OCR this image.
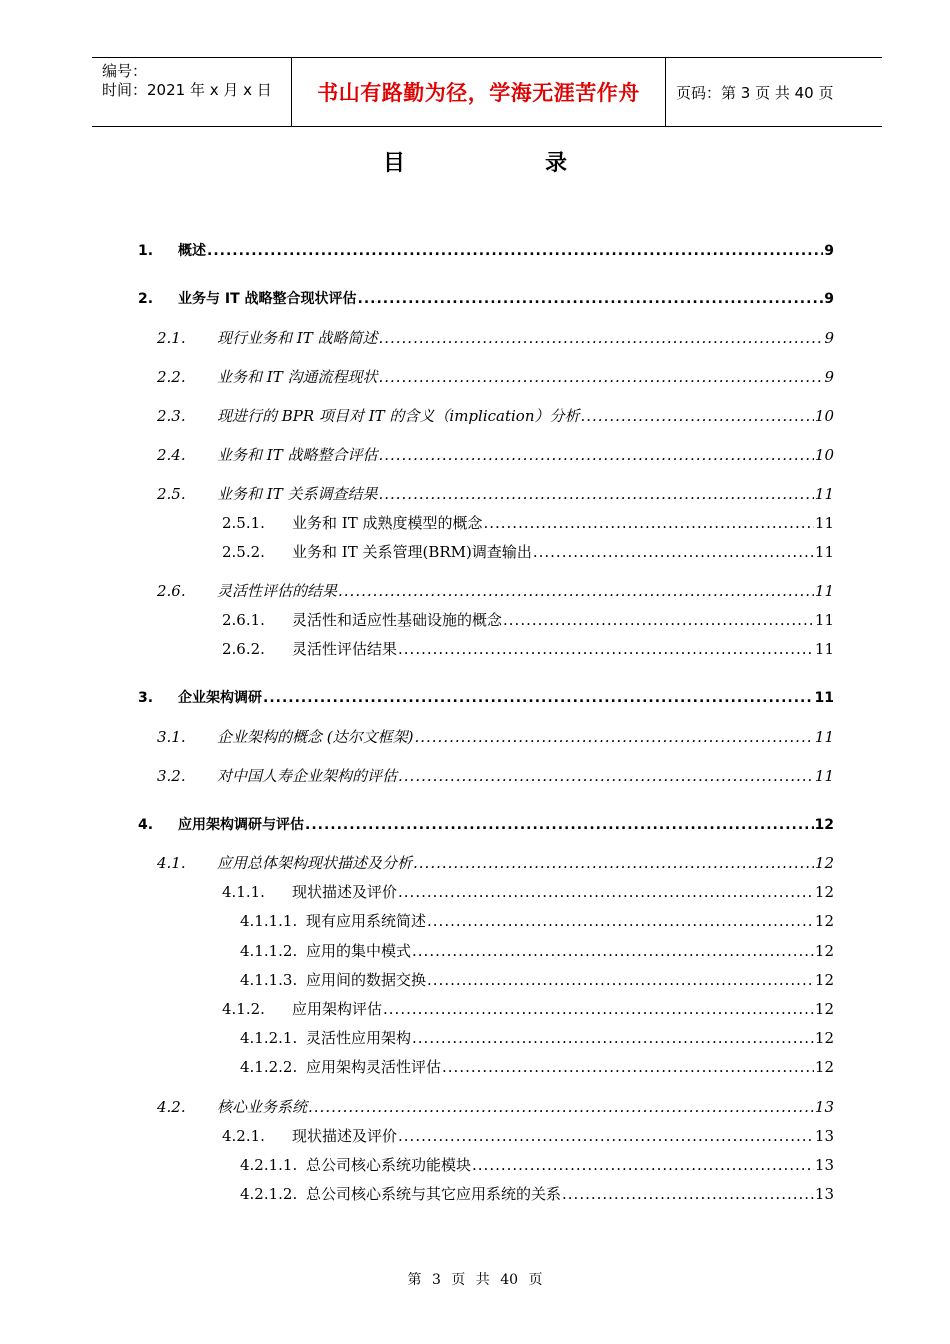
编号：
时间：2021 年 x 月 x 日	书山有路勤为径，学海无涯苦作舟	页码：第 3 页 共 40 页
目录
1.	概述 .....	9
2.	业务与 IT 战略整合现状评估 .....	9
2.1.	现行业务和 IT 战略简述 .....	9
2.2.	业务和 IT 沟通流程现状 .....	9
2.3.	现进行的 BPR 项目对 IT 的含义（implication）分析 .....	10
2.4.	业务和 IT 战略整合评估 .....	10
2.5.	业务和 IT 关系调查结果 .....	11
2.5.1.	业务和 IT 成熟度模型的概念 .....	11
2.5.2.	业务和 IT 关系管理(BRM)调查输出 .....	11
2.6.	灵活性评估的结果 .....	11
2.6.1.	灵活性和适应性基础设施的概念 .....	11
2.6.2.	灵活性评估结果 .....	11
3.	企业架构调研 .....	11
3.1.	企业架构的概念 (达尔文框架) .....	11
3.2.	对中国人寿企业架构的评估 .....	11
4.	应用架构调研与评估 .....	12
4.1.	应用总体架构现状描述及分析 .....	12
4.1.1.	现状描述及评价 .....	12
4.1.1.1. 现有应用系统简述 .....	12
4.1.1.2. 应用的集中模式 .....	12
4.1.1.3. 应用间的数据交换 .....	12
4.1.2.	应用架构评估 .....	12
4.1.2.1. 灵活性应用架构 .....	12
4.1.2.2. 应用架构灵活性评估 .....	12
4.2.	核心业务系统 .....	13
4.2.1.	现状描述及评价 .....	13
4.2.1.1. 总公司核心系统功能模块 .....	13
4.2.1.2. 总公司核心系统与其它应用系统的关系 .....	13
第 3 页 共 40 页
